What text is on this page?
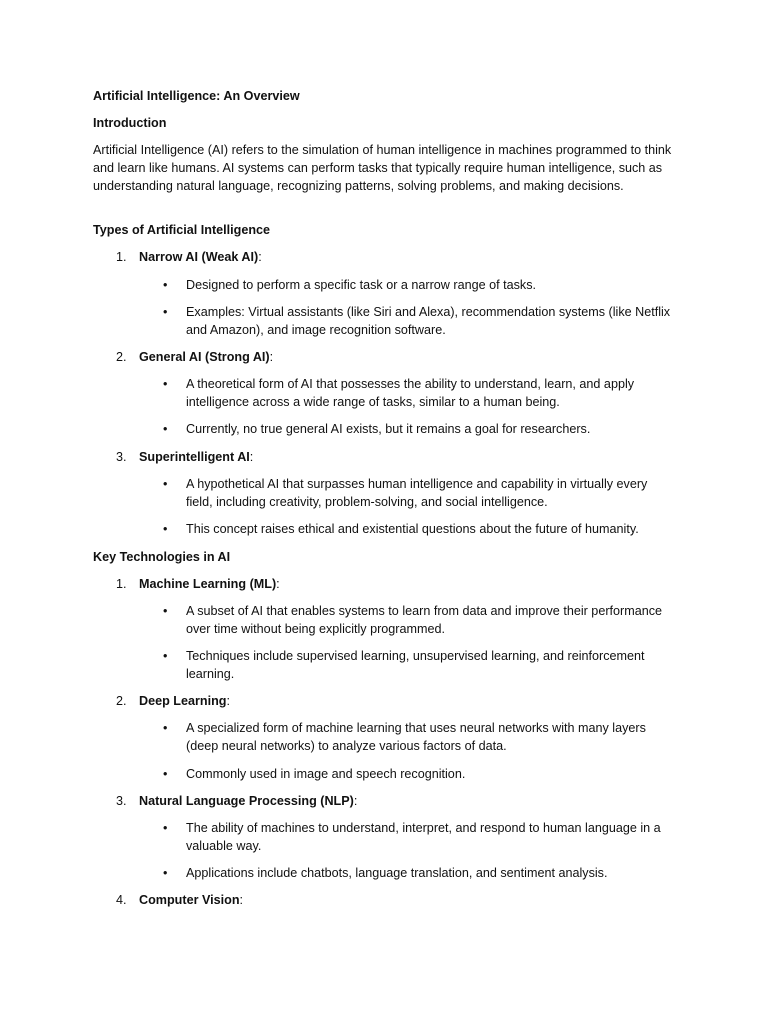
Artificial Intelligence: An Overview

Introduction

Artificial Intelligence (AI) refers to the simulation of human intelligence in machines programmed to think and learn like humans. AI systems can perform tasks that typically require human intelligence, such as understanding natural language, recognizing patterns, solving problems, and making decisions.

Types of Artificial Intelligence

1. Narrow AI (Weak AI):

• Designed to perform a specific task or a narrow range of tasks.

• Examples: Virtual assistants (like Siri and Alexa), recommendation systems (like Netflix and Amazon), and image recognition software.

2. General AI (Strong AI):

• A theoretical form of AI that possesses the ability to understand, learn, and apply intelligence across a wide range of tasks, similar to a human being.

• Currently, no true general AI exists, but it remains a goal for researchers.

3. Superintelligent AI:

• A hypothetical AI that surpasses human intelligence and capability in virtually every field, including creativity, problem-solving, and social intelligence.

• This concept raises ethical and existential questions about the future of humanity.

Key Technologies in AI

1. Machine Learning (ML):

• A subset of AI that enables systems to learn from data and improve their performance over time without being explicitly programmed.

• Techniques include supervised learning, unsupervised learning, and reinforcement learning.

2. Deep Learning:

• A specialized form of machine learning that uses neural networks with many layers (deep neural networks) to analyze various factors of data.

• Commonly used in image and speech recognition.

3. Natural Language Processing (NLP):

• The ability of machines to understand, interpret, and respond to human language in a valuable way.

• Applications include chatbots, language translation, and sentiment analysis.

4. Computer Vision:
